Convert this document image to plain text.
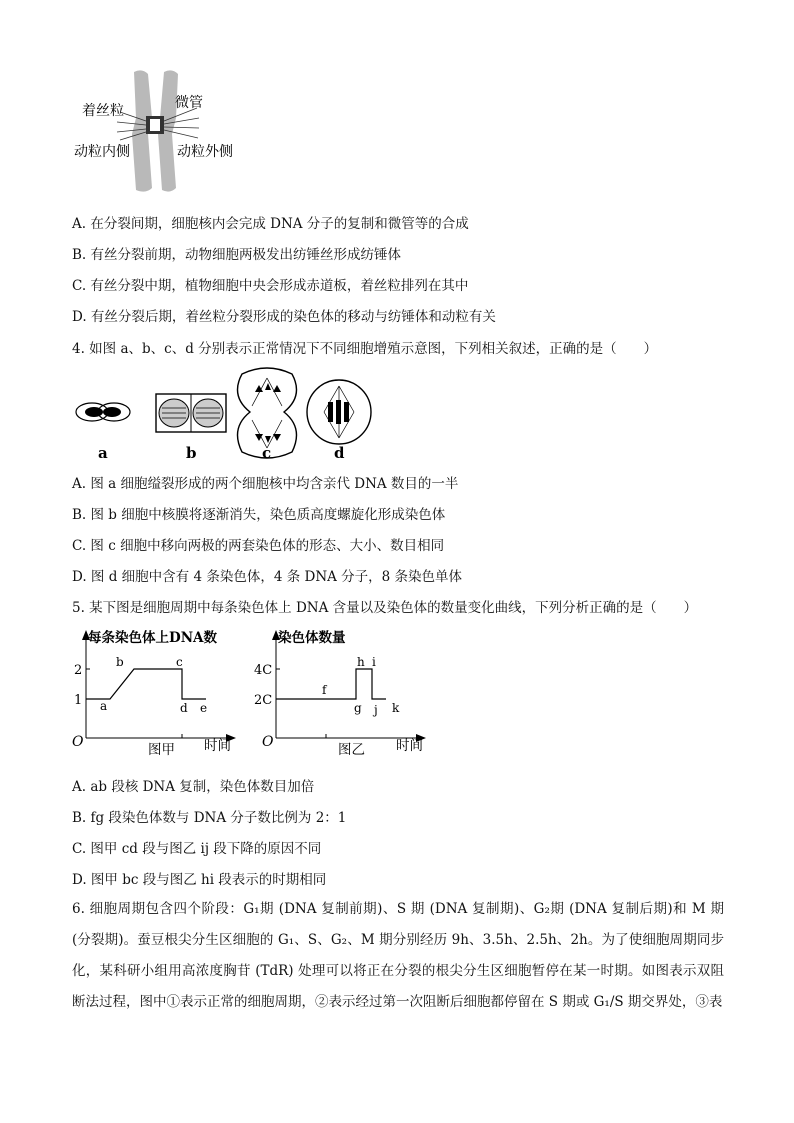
着丝粒	微管
动粒内侧	动粒外侧
A. 在分裂间期，细胞核内会完成 DNA 分子的复制和微管等的合成
B. 有丝分裂前期，动物细胞两极发出纺锤丝形成纺锤体
C. 有丝分裂中期，植物细胞中央会形成赤道板，着丝粒排列在其中
D. 有丝分裂后期，着丝粒分裂形成的染色体的移动与纺锤体和动粒有关
4. 如图 a、b、c、d 分别表示正常情况下不同细胞增殖示意图，下列相关叙述，正确的是（　　）
a	b	c	d
A. 图 a 细胞缢裂形成的两个细胞核中均含亲代 DNA 数目的一半
B. 图 b 细胞中核膜将逐渐消失，染色质高度螺旋化形成染色体
C. 图 c 细胞中移向两极的两套染色体的形态、大小、数目相同
D. 图 d 细胞中含有 4 条染色体，4 条 DNA 分子，8 条染色单体
5. 某下图是细胞周期中每条染色体上 DNA 含量以及染色体的数量变化曲线，下列分析正确的是（　　）
每条染色体上DNA数
O
2
1 a
b	c
d e
图甲 时间
染色体数量
O
4C
2C
f
g
h i
j k
图乙 时间
A. ab 段核 DNA 复制，染色体数目加倍
B. fg 段染色体数与 DNA 分子数比例为 2：1
C. 图甲 cd 段与图乙 ij 段下降的原因不同
D. 图甲 bc 段与图乙 hi 段表示的时期相同
6. 细胞周期包含四个阶段：G₁期 (DNA 复制前期)、S 期 (DNA 复制期)、G₂期 (DNA 复制后期)和 M 期 (分裂期)。蚕豆根尖分生区细胞的 G₁、S、G₂、M 期分别经历 9h、3.5h、2.5h、2h。为了使细胞周期同步化，某科研小组用高浓度胸苷 (TdR) 处理可以将正在分裂的根尖分生区细胞暂停在某一时期。如图表示双阻断法过程，图中①表示正常的细胞周期，②表示经过第一次阻断后细胞都停留在 S 期或 G₁/S 期交界处，③表
